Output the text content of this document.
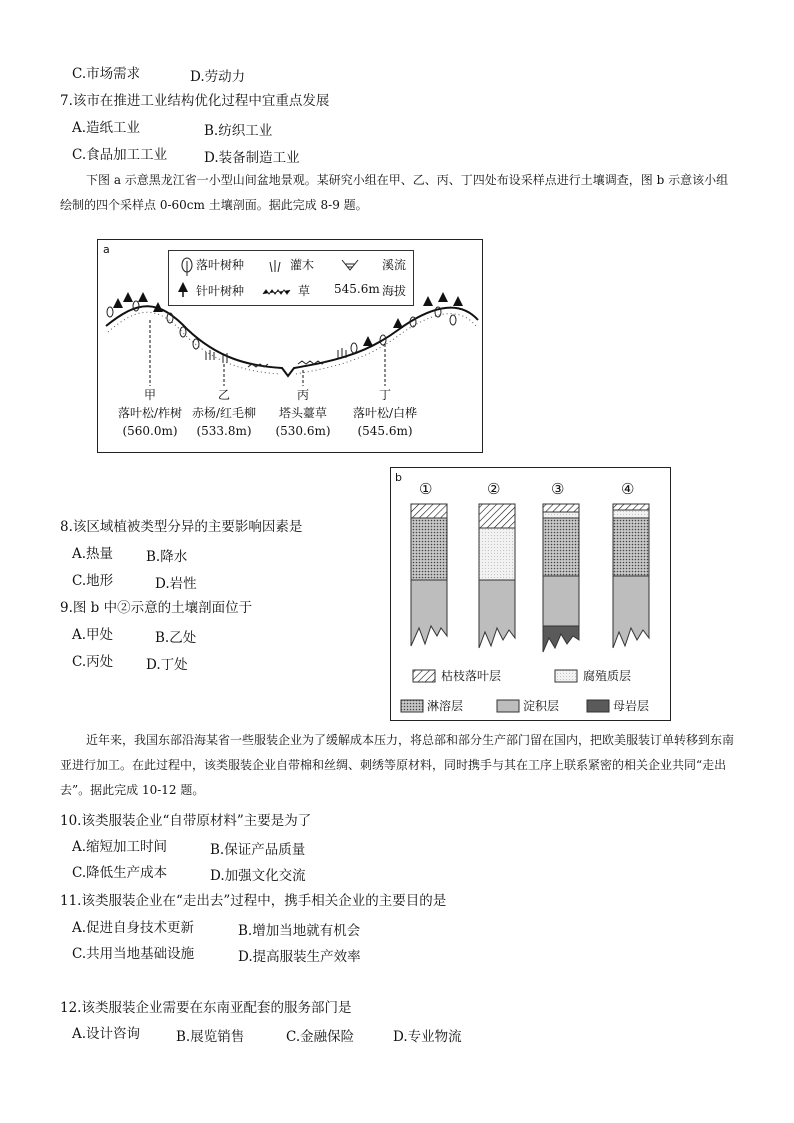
C.市场需求	D.劳动力
7.该市在推进工业结构优化过程中宜重点发展
A.造纸工业	B.纺织工业
C.食品加工工业	D.装备制造工业
下图 a 示意黑龙江省一小型山间盆地景观。某研究小组在甲、乙、丙、丁四处布设采样点进行土壤调查，图 b 示意该小组绘制的四个采样点 0-60cm 土壤剖面。据此完成 8-9 题。
a
落叶树种	灌木	溪流
针叶树种	草 545.6m 海拔
甲
落叶松/柞树
(560.0m)
乙
赤杨/红毛柳
(533.8m)
丙
塔头薹草
(530.6m)
丁
落叶松/白桦
(545.6m)
b
①	②	③	④
枯枝落叶层	腐殖质层
淋溶层	淀积层	母岩层
8.该区域植被类型分异的主要影响因素是
A.热量 B.降水
C.地形	D.岩性
9.图 b 中②示意的土壤剖面位于
A.甲处	B.乙处
C.丙处 D.丁处
近年来，我国东部沿海某省一些服装企业为了缓解成本压力，将总部和部分生产部门留在国内，把欧美服装订单转移到东南亚进行加工。在此过程中，该类服装企业自带棉和丝绸、刺绣等原材料，同时携手与其在工序上联系紧密的相关企业共同“走出去”。据此完成 10-12 题。
10.该类服装企业“自带原材料”主要是为了
A.缩短加工时间	B.保证产品质量
C.降低生产成本	D.加强文化交流
11.该类服装企业在“走出去”过程中，携手相关企业的主要目的是
A.促进自身技术更新	B.增加当地就有机会
C.共用当地基础设施	D.提高服装生产效率
12.该类服装企业需要在东南亚配套的服务部门是
A.设计咨询	B.展览销售	C.金融保险	D.专业物流
